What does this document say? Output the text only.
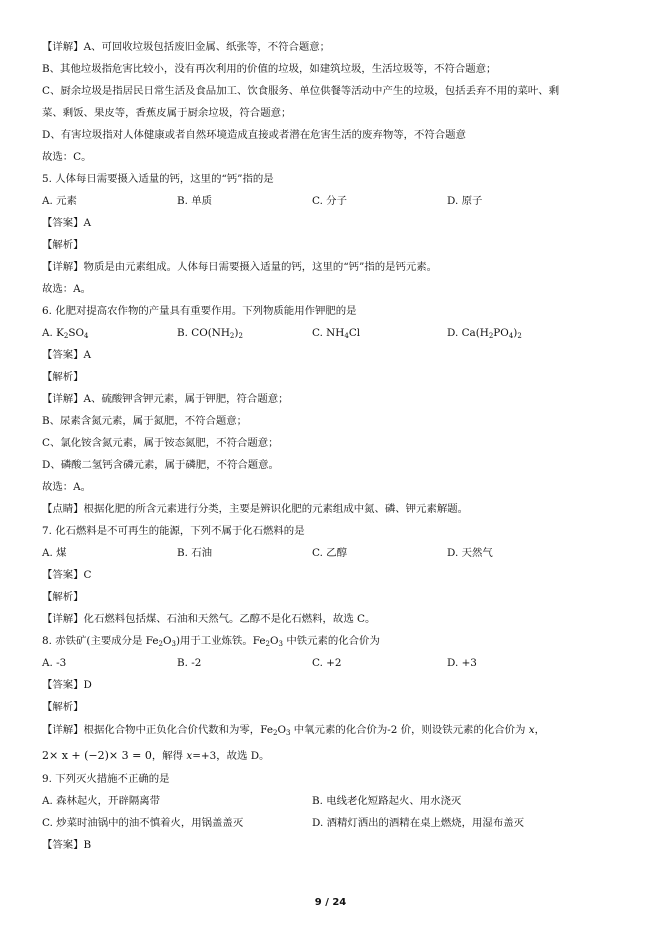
【详解】A、可回收垃圾包括废旧金属、纸张等，不符合题意；
B、其他垃圾指危害比较小，没有再次利用的价值的垃圾，如建筑垃圾，生活垃圾等，不符合题意；
C、厨余垃圾是指居民日常生活及食品加工、饮食服务、单位供餐等活动中产生的垃圾，包括丢弃不用的菜叶、剩
菜、剩饭、果皮等，香蕉皮属于厨余垃圾，符合题意；
D、有害垃圾指对人体健康或者自然环境造成直接或者潜在危害生活的废弃物等，不符合题意
故选：C。
5. 人体每日需要摄入适量的钙，这里的“钙”指的是
A. 元素	B. 单质	C. 分子	D. 原子
【答案】A
【解析】
【详解】物质是由元素组成。人体每日需要摄入适量的钙，这里的“钙”指的是钙元素。
故选：A。
6. 化肥对提高农作物的产量具有重要作用。下列物质能用作钾肥的是
A. $K_2SO_4$	B. $CO(NH_2)_2$	C. $NH_4Cl$	D. $Ca(H_2PO_4)_2$
【答案】A
【解析】
【详解】A、硫酸钾含钾元素，属于钾肥，符合题意；
B、尿素含氮元素，属于氮肥，不符合题意；
C、氯化铵含氮元素，属于铵态氮肥，不符合题意；
D、磷酸二氢钙含磷元素，属于磷肥，不符合题意。
故选：A。
【点睛】根据化肥的所含元素进行分类，主要是辨识化肥的元素组成中氮、磷、钾元素解题。
7. 化石燃料是不可再生的能源，下列不属于化石燃料的是
A. 煤	B. 石油	C. 乙醇	D. 天然气
【答案】C
【解析】
【详解】化石燃料包括煤、石油和天然气。乙醇不是化石燃料，故选 C。
8. 赤铁矿(主要成分是 $Fe_2O_3$)用于工业炼铁。$Fe_2O_3$ 中铁元素的化合价为
A. -3	B. -2	C. +2	D. +3
【答案】D
【解析】
【详解】根据化合物中正负化合价代数和为零，$Fe_2O_3$ 中氧元素的化合价为-2 价，则设铁元素的化合价为 x，
2× x + (−2)× 3 = 0，解得 x=+3，故选 D。
9. 下列灭火措施不正确的是
A. 森林起火，开辟隔离带	B. 电线老化短路起火、用水浇灭
C. 炒菜时油锅中的油不慎着火，用锅盖盖灭	D. 酒精灯洒出的酒精在桌上燃烧，用湿布盖灭
【答案】B
9 / 24
